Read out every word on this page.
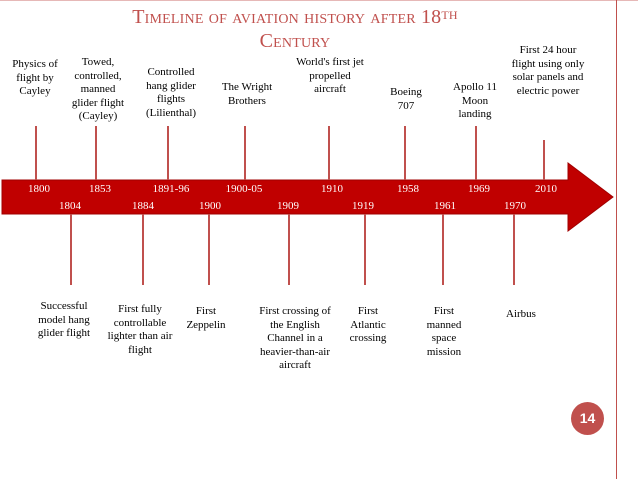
Timeline of aviation history after 18TH
Century
1800	1853	1891-96	1900-05	1910	1958	1969	2010
1804	1884	1900	1909	1919	1961	1970
Physics of flight by Cayley
Towed, controlled, manned glider flight (Cayley)
Controlled hang glider flights (Lilienthal)
The Wright Brothers
World's first jet propelled aircraft	Boeing 707
Apollo 11 Moon landing
First 24 hour flight using only solar panels and electric power
Successful model hang glider flight
First fully controllable lighter than air flight
First Zeppelin
First crossing of the English Channel in a heavier-than-air aircraft
First Atlantic crossing
First manned space mission
Airbus
14
